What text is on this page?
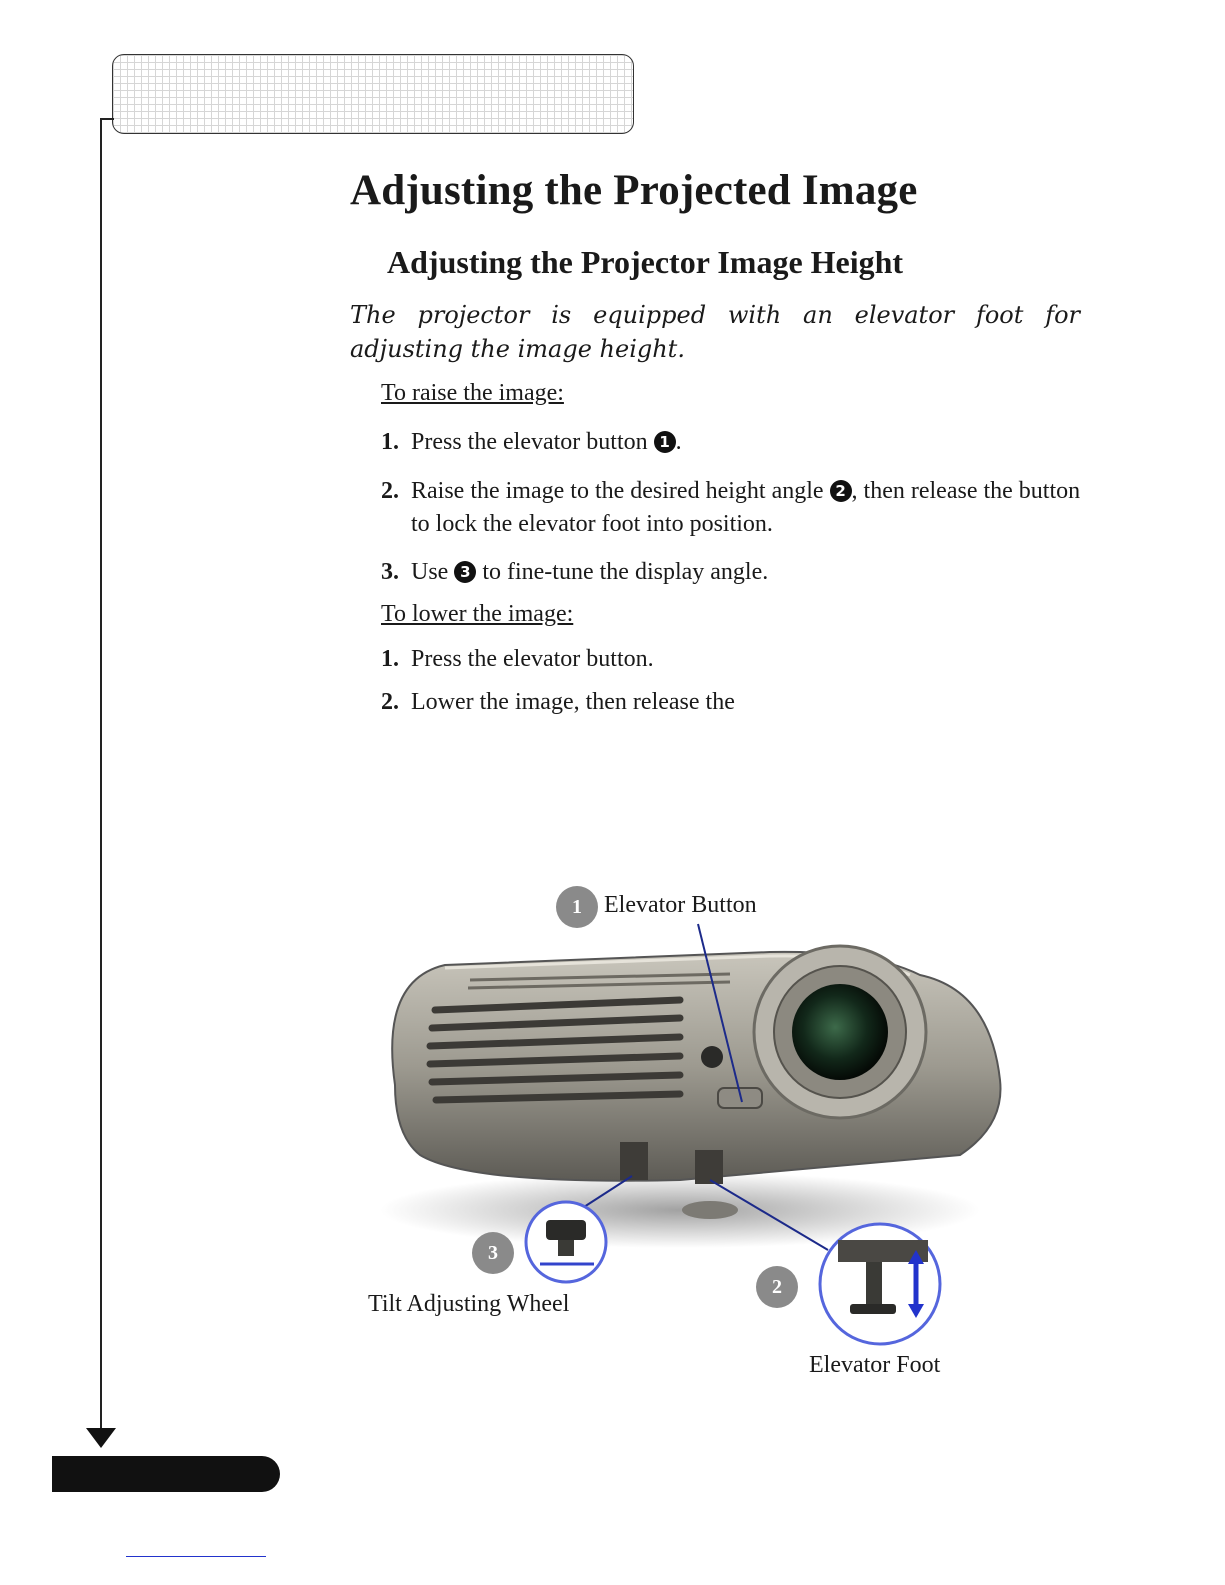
Adjusting the Projected Image
Adjusting the Projector Image Height

The projector is equipped with an elevator foot for adjusting the image height.

To raise the image:

1. Press the elevator button 1 .
2. Raise the image to the desired height angle 2 , then release the button to lock the elevator foot into position.
3. Use 3 to fine-tune the display angle.

To lower the image:

1. Press the elevator button.
2. Lower the image, then release the
1 Elevator Button
2
Elevator Foot
3
Tilt Adjusting Wheel
